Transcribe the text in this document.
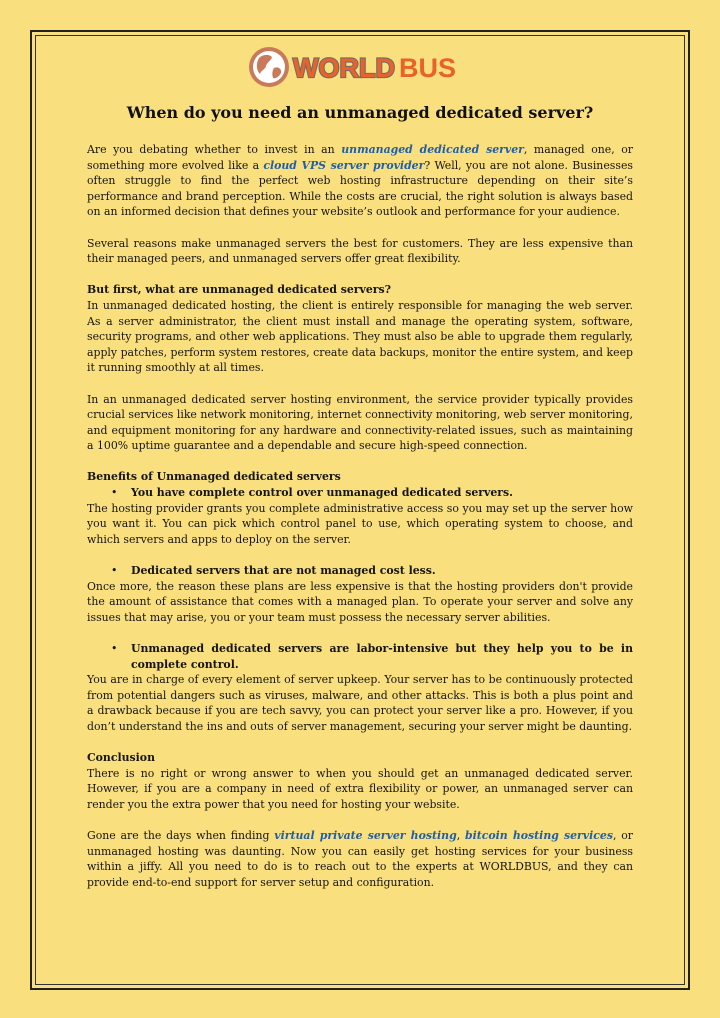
WORLD BUS
When do you need an unmanaged dedicated server?

Are you debating whether to invest in an unmanaged dedicated server, managed one, or something more evolved like a cloud VPS server provider? Well, you are not alone. Businesses often struggle to find the perfect web hosting infrastructure depending on their site’s performance and brand perception. While the costs are crucial, the right solution is always based on an informed decision that defines your website’s outlook and performance for your audience.

Several reasons make unmanaged servers the best for customers. They are less expensive than their managed peers, and unmanaged servers offer great flexibility.

But first, what are unmanaged dedicated servers?

In unmanaged dedicated hosting, the client is entirely responsible for managing the web server. As a server administrator, the client must install and manage the operating system, software, security programs, and other web applications. They must also be able to upgrade them regularly, apply patches, perform system restores, create data backups, monitor the entire system, and keep it running smoothly at all times.

In an unmanaged dedicated server hosting environment, the service provider typically provides crucial services like network monitoring, internet connectivity monitoring, web server monitoring, and equipment monitoring for any hardware and connectivity-related issues, such as maintaining a 100% uptime guarantee and a dependable and secure high-speed connection.

Benefits of Unmanaged dedicated servers
• You have complete control over unmanaged dedicated servers.

The hosting provider grants you complete administrative access so you may set up the server how you want it. You can pick which control panel to use, which operating system to choose, and which servers and apps to deploy on the server.

• Dedicated servers that are not managed cost less.

Once more, the reason these plans are less expensive is that the hosting providers don't provide the amount of assistance that comes with a managed plan. To operate your server and solve any issues that may arise, you or your team must possess the necessary server abilities.

• Unmanaged dedicated servers are labor-intensive but they help you to be in complete control.

You are in charge of every element of server upkeep. Your server has to be continuously protected from potential dangers such as viruses, malware, and other attacks. This is both a plus point and a drawback because if you are tech savvy, you can protect your server like a pro. However, if you don’t understand the ins and outs of server management, securing your server might be daunting.

Conclusion

There is no right or wrong answer to when you should get an unmanaged dedicated server. However, if you are a company in need of extra flexibility or power, an unmanaged server can render you the extra power that you need for hosting your website.

Gone are the days when finding virtual private server hosting, bitcoin hosting services, or unmanaged hosting was daunting. Now you can easily get hosting services for your business within a jiffy. All you need to do is to reach out to the experts at WORLDBUS, and they can provide end-to-end support for server setup and configuration.
